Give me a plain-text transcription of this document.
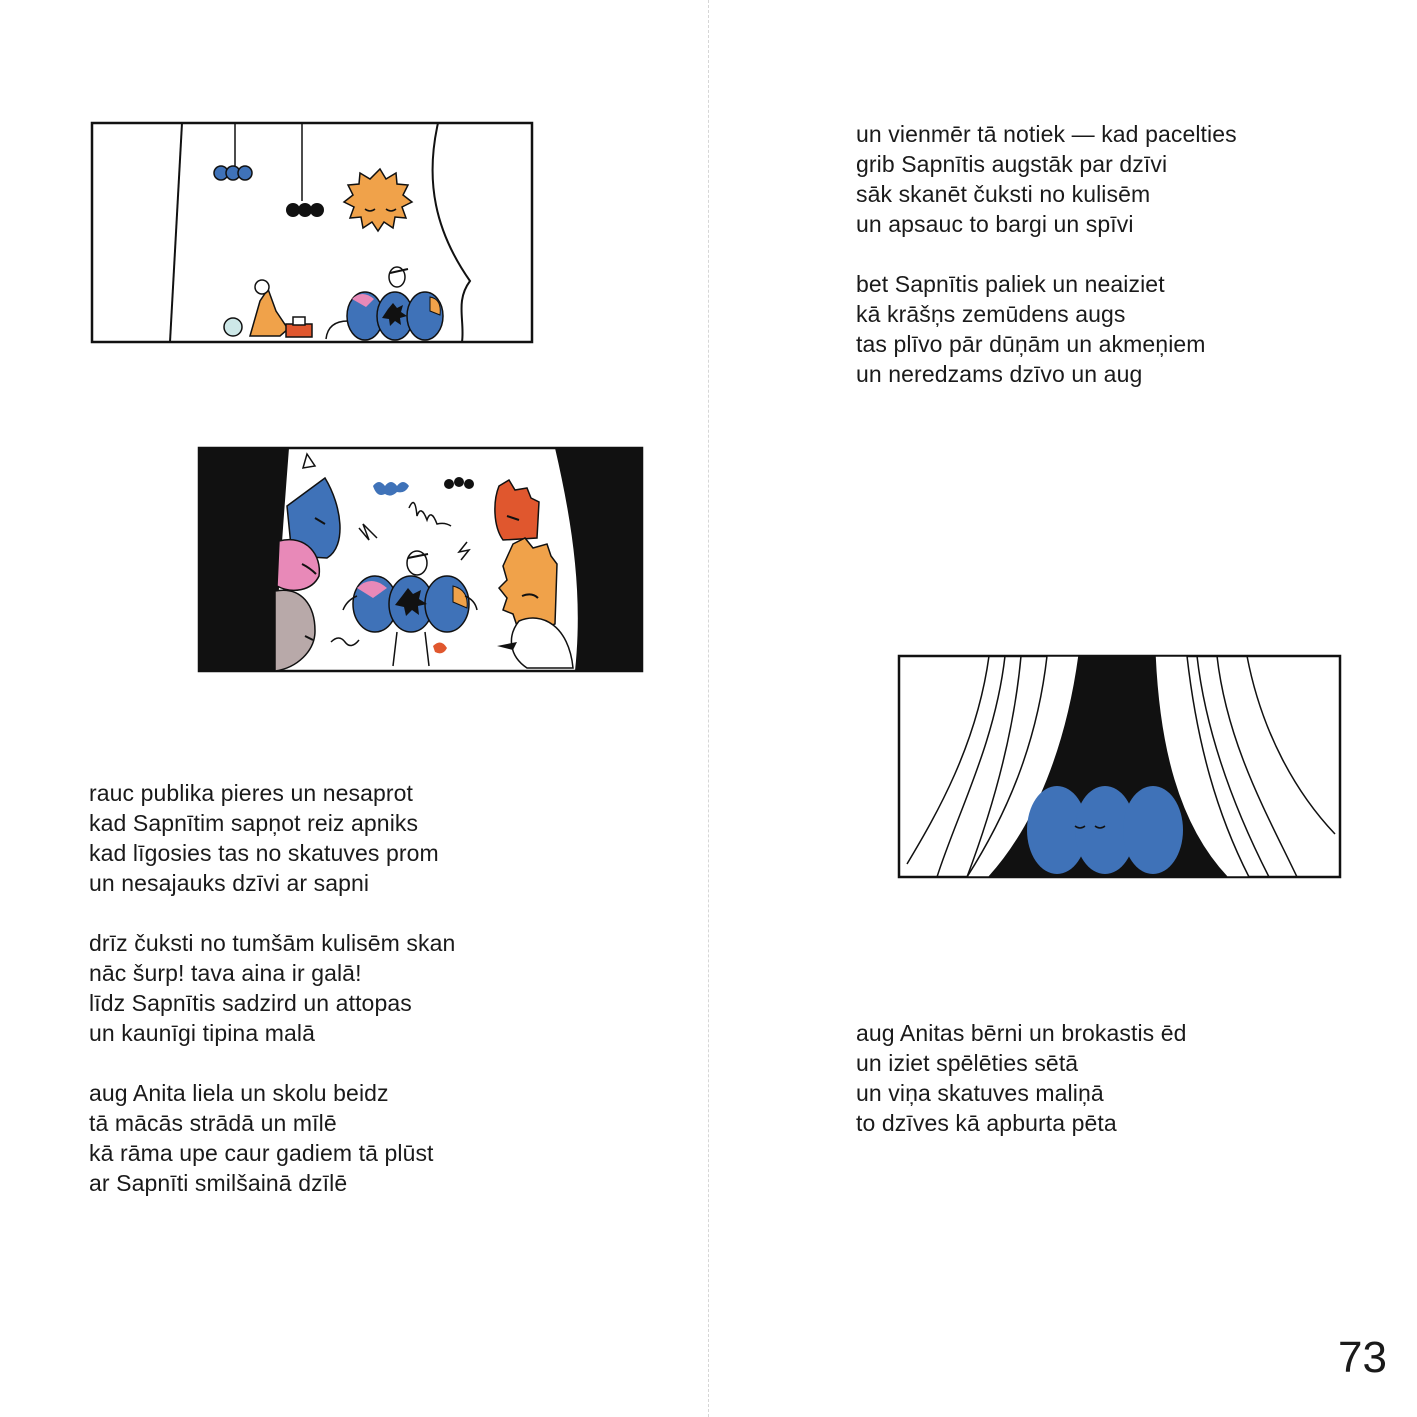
rauc publika pieres un nesaprot
kad Sapnītim sapņot reiz apniks
kad līgosies tas no skatuves prom
un nesajauks dzīvi ar sapni
drīz čuksti no tumšām kulisēm skan
nāc šurp! tava aina ir galā!
līdz Sapnītis sadzird un attopas
un kaunīgi tipina malā
aug Anita liela un skolu beidz
tā mācās strādā un mīlē
kā rāma upe caur gadiem tā plūst
ar Sapnīti smilšainā dzīlē
un vienmēr tā notiek — kad pacelties
grib Sapnītis augstāk par dzīvi
sāk skanēt čuksti no kulisēm
un apsauc to bargi un spīvi
bet Sapnītis paliek un neaiziet
kā krāšņs zemūdens augs
tas plīvo pār dūņām un akmeņiem
un neredzams dzīvo un aug
aug Anitas bērni un brokastis ēd
un iziet spēlēties sētā
un viņa skatuves maliņā
to dzīves kā apburta pēta
73
